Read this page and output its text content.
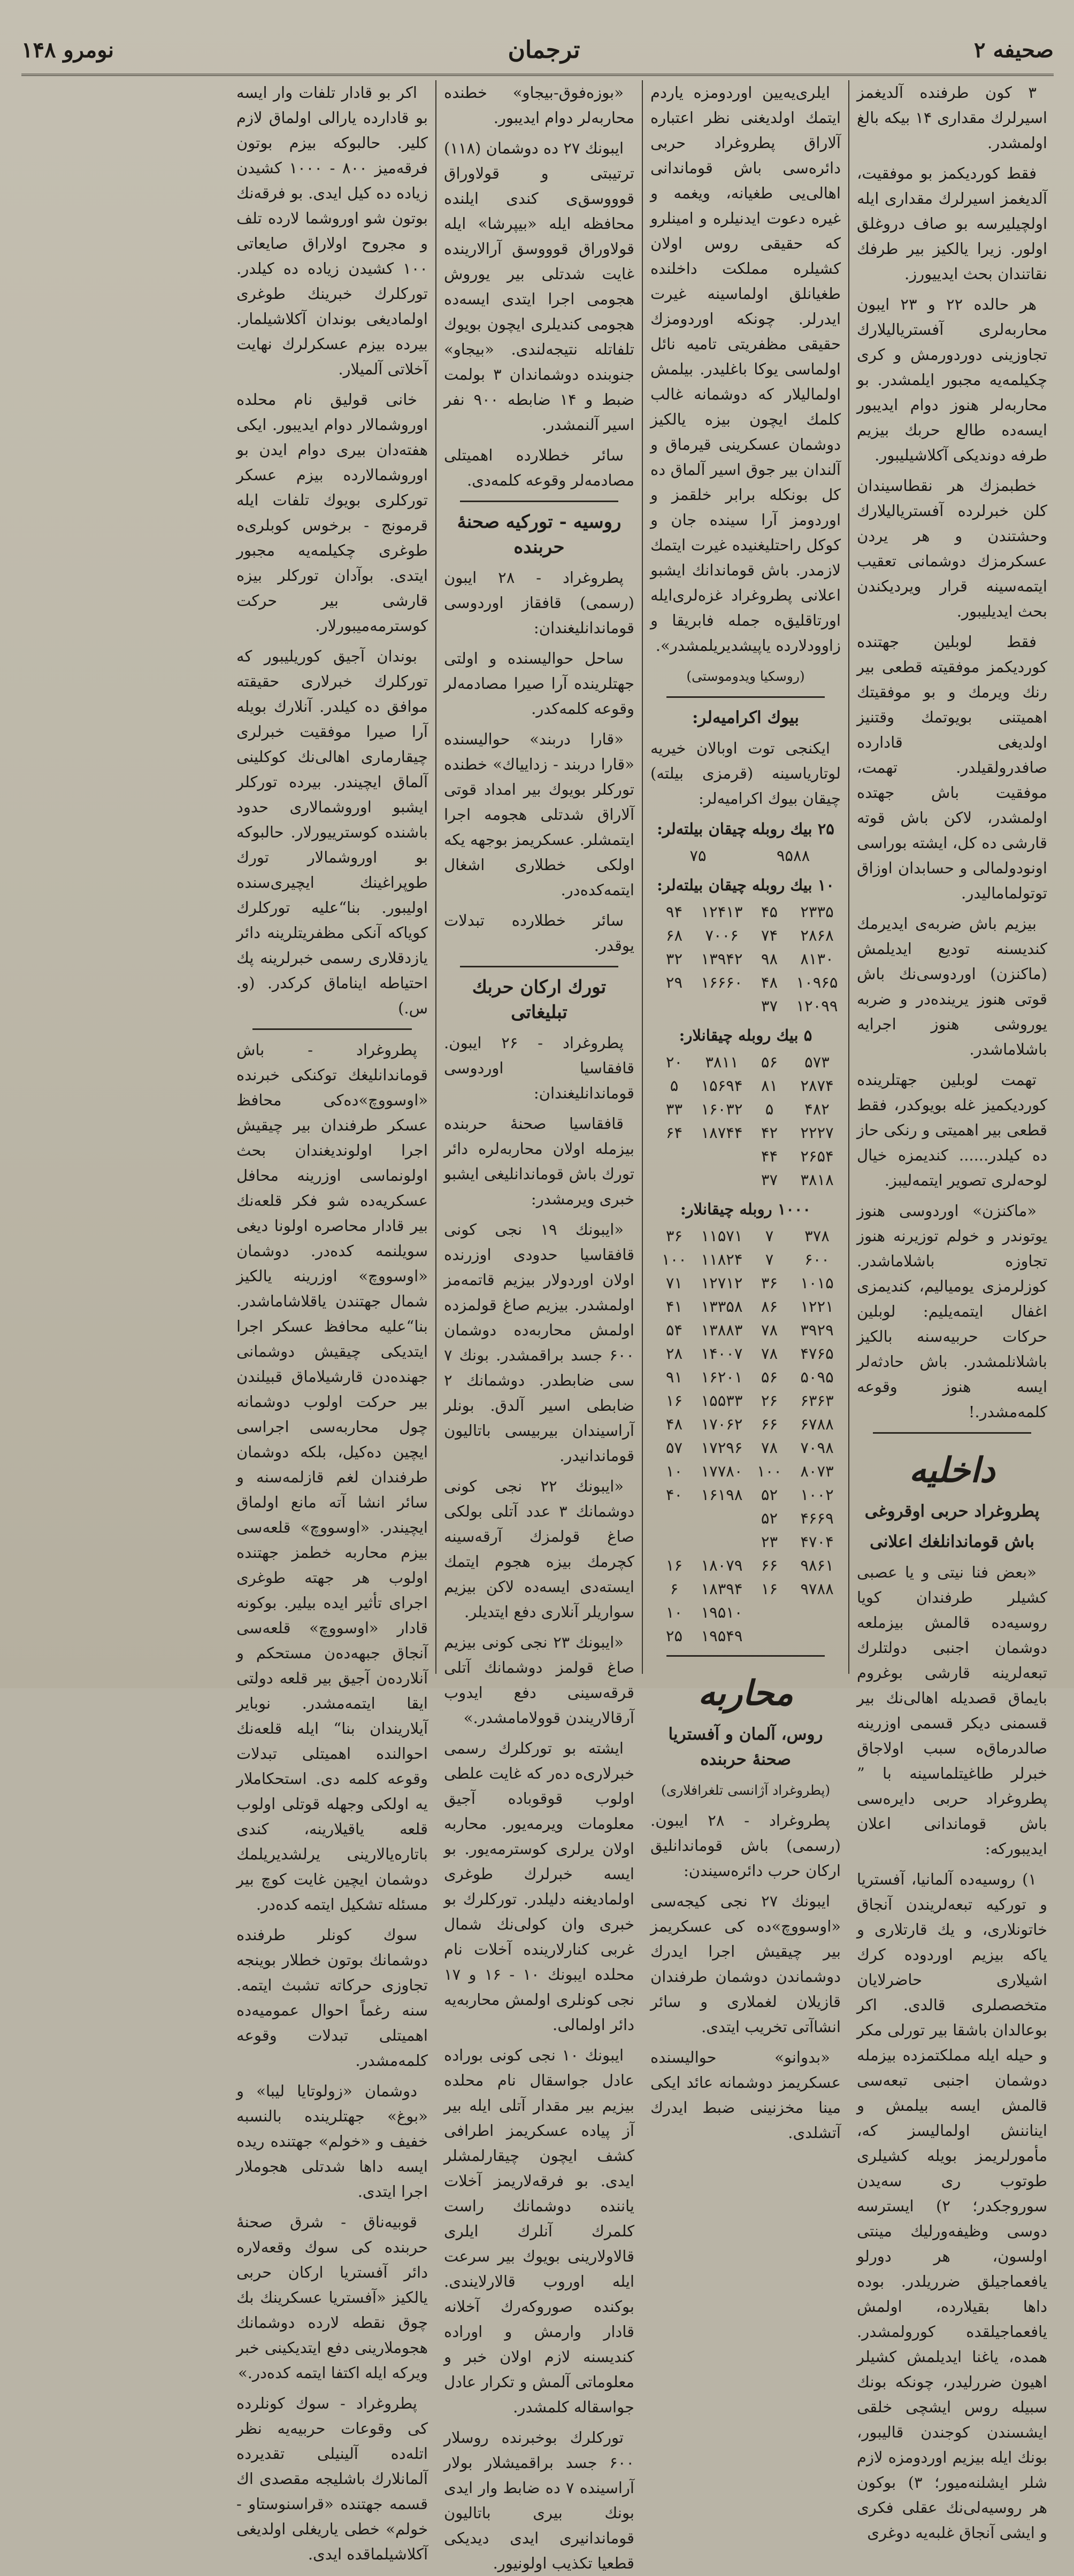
صحیفه ۲
ترجمان
نومرو ۱۴۸

۳ کون طرفنده آلدیغمز اسیرلرك مقداری ۱۴ بیکه بالغ اولمشدر.

فقط کوردیکمز بو موفقیت، آلدیغمز اسیرلرك مقداری ایله اولچیلیرسه بو صاف دروغلق اولور. زیرا یالکیز بیر طرفك نقاتندان بحث ایدییورز.

هر حالده ۲۲ و ۲۳ ایبون محاربه‌لری آفستریالیلارك تجاوزینی دوردورمش و کری چکیلمه‌یه مجبور ایلمشدر. بو محاربه‌لر هنوز دوام ایدیبور ایسه‌ده طالع حربك بیزیم طرفه دوندیکی آکلاشیلیبور.

خطبمزك هر نقطاسیندان کلن خبرلرده آفستریالیلارك وحشتندن و هر یردن عسکرمزك دوشمانی تعقیب ایتمه‌سینه قرار ویردیکندن بحث ایدیلیبور.

فقط لوبلین جهتنده کوردیکمز موفقیته قطعی بیر رنك ویرمك و بو موفقیتك اهمیتنی بویوتمك وقتنیز اولدیغی قادارده صافدرولقیلدر. تهمت، موفقیت باش جهتده اولمشدر، لاکن باش قوته قارشی ده کل، ایشته بوراسی اونودولمالی و حسابدان اوزاق توتولمامالیدر.

بیزیم باش ضربه‌ی ایدیرمك کندیسنه تودیع ایدیلمش (ماکنزن) اوردوسی‌نك باش قوتی هنوز یرینده‌در و ضربه یوروشی هنوز اجرایه باشلاماشدر.

تهمت لوبلین جهتلرینده کوردیکمیز غله بویوکدر، فقط قطعی بیر اهمیتی و رنکی حاز ده کیلدر...... کندیمزه خیال لوحه‌لری تصویر ایتمه‌لیبز.

«ماکنزن» اوردوسی هنوز یوتوندر و خولم توزیرنه هنوز تجاوزه باشلاماشدر. کوزلرمزی یومیالیم، کندیمزی اغفال ایتمه‌یلیم: لوبلین حرکات حربیه‌سنه بالکیز باشلانلمشدر. باش حادثه‌لر ایسه هنوز وقوعه کلمه‌مشدر.!

داخلیه

پطروغراد حربی اوقروغی

باش قوماندانلغك اعلانی

«بعض فنا نیتی و یا عصبی کشیلر طرفندان کویا روسیه‌ده قالمش بیزملعه دوشمان اجنبی دولتلرك تبعه‌لرینه قارشی بوغروم بایماق قصدیله اهالی‌نك بیر قسمنی دیکر قسمی اوزرینه صالدرماق‌ه سبب اولاجاق خبرلر طاغیتلماسینه با ” پطروغراد حربی دایره‌سی باش قوماندانی اعلان ایدیبورکه:

۱) روسیه‌ده آلمانیا، آفستریا و تورکیه تبعه‌لریندن آنجاق خاتونلاری، و یك قارتلاری و یاکه بیزیم اوردوده کرك اشیلاری حاضرلایان متخصصلری قالدی. اکر بوعالدان باشقا بیر تورلی مکر و حیله ایله مملکتمزده بیزمله دوشمان اجنبی تبعه‌سی قالمش ایسه بیلمش و ایناننش اولمالیسز که، مأمورلریمز بویله کشیلری طوتوب ری سه‌یدن سوروجکدر؛ ۲) ایسترسه دوسی وظیفه‌ورلیك مینتی اولسون، هر دورلو یافعماجیلق ضرریلدر. بوده داها بقیلارده، اولمش یافعماجیلقده کورولمشدر. همده، یاغنا ایدیلمش کشیلر اهیون ضررلیدر، چونکه بونك سبیله روس ایشچی خلقی ایشسندن کوجندن قالیبور، بونك ایله بیزیم اوردومزه لازم شلر ایشلنه‌میور؛ ۳) بوکون هر روسیه‌لی‌نك عقلی فکری و ایشی آنجاق غلبه‌یه دوغری

ایلری‌یه‌یین اوردومزه یاردم ایتمك اولدیغنی نظر اعتباره آلاراق پطروغراد حربی دائره‌سی باش قوماندانی اهالی‌یی طغیانه، ویغمه و غیره دعوت ایدنیلره و امینلرو که حقیقی روس اولان کشیلره مملکت داخلنده طغیانلق اولماسینه غیرت ایدرلر. چونکه اوردومزك حقیقی مظفریتی تامیه نائل اولماسی یوکا باغلیدر. بیلمش اولمالیلار که دوشمانه غالب کلمك ایچون بیزه یالکیز دوشمان عسکرینی قیرماق و آلندان بیر جوق اسیر آلماق ده کل بونکله برابر خلقمز و اوردومز آرا سینده جان و کوکل راحتلیغنیده غیرت ایتمك لازمدر. باش قوماندانك ایشبو اعلانی پطروغراد غزه‌لری‌ایله اورتاقلیق‌ه جمله فابریقا و زاوودلارده یاپیشدیریلمشدر».

(روسکیا ویدوموستی)

بیوك اکرامیه‌لر:

ایکنجی توت اوبالان خیریه لوتاریاسینه (قرمزی بیلته) چیقان بیوك اکرامیه‌لر:

۲۵ بیك روبله چیقان بیلته‌لر:
۹۵۸۸
۷۵
۱۰ بیك روبله چیقان بیلته‌لر:
۲۳۳۵
۴۵
۱۲۴۱۳
۹۴
۲۸۶۸
۷۴
۷۰۰۶
۶۸
۸۱۳۰
۹۸
۱۳۹۴۲
۳۲
۱۰۹۶۵
۴۸
۱۶۶۶۰
۲۹
۱۲۰۹۹
۳۷
۵ بیك روبله چیقانلار:
۵۷۳
۵۶
۳۸۱۱
۲۰
۲۸۷۴
۸۱
۱۵۶۹۴
۵
۴۸۲
۵
۱۶۰۳۲
۳۳
۲۲۲۷
۴۲
۱۸۷۴۴
۶۴
۲۶۵۴
۴۴
۳۸۱۸
۳۷
۱۰۰۰ روبله چیقانلار:
۳۷۸
۷
۱۱۵۷۱
۳۶
۶۰۰
۷
۱۱۸۲۴
۱۰۰
۱۰۱۵
۳۶
۱۲۷۱۲
۷۱
۱۲۲۱
۸۶
۱۳۳۵۸
۴۱
۳۹۲۹
۷۸
۱۳۸۸۳
۵۴
۴۷۶۵
۷۸
۱۴۰۰۷
۲۸
۵۰۹۵
۵۶
۱۶۲۰۱
۹۱
۶۳۶۳
۲۶
۱۵۵۳۳
۱۶
۶۷۸۸
۶۶
۱۷۰۶۲
۴۸
۷۰۹۸
۷۸
۱۷۲۹۶
۵۷
۸۰۷۳
۱۰۰
۱۷۷۸۰
۱۰
۱۰۰۲
۵۲
۱۶۱۹۸
۴۰
۴۶۶۹
۵۲
۴۷۰۴
۲۳
۹۸۶۱
۶۶
۱۸۰۷۹
۱۶
۹۷۸۸
۱۶
۱۸۳۹۴
۶
۱۹۵۱۰
۱۰
۱۹۵۴۹
۲۵
محاربه

روس، آلمان و آفستریا صحنهٔ حربنده

(پطروغراد آژانسی تلغرافلاری)

پطروغراد - ۲۸ ایبون. (رسمی) باش قوماندانلیق ارکان حرب دائره‌سیندن:

ایبونك ۲۷ نجی کیجه‌سی «اوسووچ»‌ده کی عسکریمز بیر چیقیش اجرا ایدرك دوشماندن دوشمان طرفندان قازیلان لغملاری و سائر انشاآتی تخریب ایتدی.

«بدوانو» حوالیسنده عسکریمز دوشمانه عائد ایکی مینا مخزنینی ضبط ایدرك آتشلدی.

«بوزه‌فوق-بیجاو» خطنده محاربه‌لر دوام ایدیبور.

ایبونك ۲۷ ده دوشمان (۱۱۸) ترتیبتی و قولاوراق قوووسق‌ی کندی ایلنده محافظه ایله «بیپرشا» ایله قولاوراق قوووسق آرالارینده غایت شدتلی بیر یوروش هجومی اجرا ایتدی ایسه‌ده هجومی کندیلری ایچون بویوك تلفاتله نتیجه‌لندی. «بیجاو» جنوبنده دوشماندان ۳ بولمت ضبط و ۱۴ ضابطه ۹۰۰ نفر اسیر آلنمشدر.

سائر خطلارده اهمیتلی مصادمه‌لر وقوعه کلمه‌دی.

روسیه - تورکیه صحنهٔ حربنده

پطروغراد - ۲۸ ایبون (رسمی) قافقاز اوردوسی قوماندانلیغندان:

ساحل حوالیسنده و اولتی جهتلرینده آرا صیرا مصادمه‌لر وقوعه کلمه‌کدر.

«قارا دربند» حوالیسنده «قارا دربند - زداییاك» خطنده تورکلر بویوك بیر امداد قوتی آلاراق شدتلی هجومه اجرا ایتمشلر. عسکریمز بوجهه یکه اولکی خطلاری اشغال ایتمه‌کده‌در.

سائر خطلارده تبدلات یوقدر.

تورك ارکان حربك تبلیغاتی

پطروغراد - ۲۶ ایبون. قافقاسیا اوردوسی قوماندانلیغندان:

قافقاسیا صحنهٔ حربنده بیزمله اولان محاربه‌لره دائر تورك باش قوماندانلیغی ایشبو خبری ویرمشدر:

«ایبونك ۱۹ نجی کونی قافقاسیا حدودی اوزرنده اولان اوردولار بیزیم قاتمه‌مز اولمشدر. بیزیم صاغ قولمزده اولمش محاربه‌ده دوشمان ۶۰۰ جسد براقمشدر. بونك ۷ سی ضابطدر. دوشمانك ۲ ضابطی اسیر آلدق. بونلر آراسیندان بیربیسی باتالیون قوماندانیدر.

«ایبونك ۲۲ نجی کونی دوشمانك ۳ عدد آتلی بولکی صاغ قولمزك آرقه‌سینه کچرمك بیزه هجوم ایتمك ایسته‌دی ایسه‌ده لاکن بیزیم سواریلر آنلاری دفع ایتدیلر.

«ایبونك ۲۳ نجی کونی بیزیم صاغ قولمز دوشمانك آتلی قرقه‌سینی دفع ایدوب آرقالاریندن قوولامامشدر.»

ایشته بو تورکلرك رسمی خبرلاری‌ه ده‌ر که غایت علطی اولوب قوقوباده آجیق معلومات ویرمه‌یور. محاربه اولان یرلری کوسترمه‌یور. بو ایسه خبرلرك طوغری اولمادیغنه دلیلدر. تورکلرك بو خبری وان کولی‌نك شمال غربی کنارلارینده آخلات نام محلده ایبونك ۱۰ - ۱۶ و ۱۷ نجی کونلری اولمش محاربه‌یه دائر اولمالی.

ایبونك ۱۰ نجی کونی بوراده عادل جواسقال نام محلده بیزیم بیر مقدار آتلی ایله بیر آز پیاده عسکریمز اطرافی کشف ایچون چیقارلمشلر ایدی. بو فرقه‌لاریمز آخلات یاننده دوشمانك راست کلمرك آنلرك ایلری قالاولارینی بویوك بیر سرعت ایله اوروب قالارلایندی. بوکنده صوروکه‌رك آخلانه قادار وارمش و اوراده کندیسنه لازم اولان خبر و معلوماتی آلمش و تکرار عادل جواسقاله کلمشدر.

تورکلرك بوخبرنده روسلار ۶۰۰ جسد براقمیشلار بولار آراسینده ۷ ده ضابط وار ایدی بونك بیری باتالیون قوماندانیری ایدی دیدیکی قطعیا تکذیب اولونیور.

اکر بو قادار تلفات وار ایسه بو قادارده یارالی اولماق لازم کلیر. حالبوکه بیزم بوتون فرقه‌میز ۸۰۰ - ۱۰۰۰ کشیدن زیاده ده کیل ایدی. بو فرقه‌نك بوتون شو اوروشما لارده تلف و مجروح اولاراق صایعاتی ۱۰۰ کشیدن زیاده ده کیلدر. تورکلرك خبرینك طوغری اولمادیغی بوندان آکلاشیلمار. بیرده بیزم عسکرلرك نهایت آخلاتی آلمیلار.

خانی قولیق نام محلده اوروشمالار دوام ایدیبور. ایکی هفته‌دان بیری دوام ایدن بو اوروشمالارده بیزم عسکر تورکلری بویوك تلفات ایله قرمونج - برخوس کوبلری‌ه طوغری چکیلمه‌یه مجبور ایتدی. بوآدان تورکلر بیزه قارشی بیر حرکت کوسترمه‌میبورلار.

بوندان آجیق کوریلیبور که تورکلرك خبرلاری حقیقته موافق ده کیلدر. آنلارك بویله آرا صیرا موفقیت خبرلری چیقارماری اهالی‌نك کوکلینی آلماق ایچیندر. بیرده تورکلر ایشبو اوروشمالاری حدود باشنده کوسترییورلار. حالبوکه بو اوروشمالار تورك طوپراغینك ایچیری‌سنده اولیبور. بنا“علیه تورکلرك کویاکه آنکی مظفریتلرینه دائر یازدقلاری رسمی خبرلرینه پك احتیاطه ایناماق کرکدر. (و. س.)

پطروغراد - باش قوماندانلیغك توکنکی خبرنده «اوسووچ»‌ده‌کی محافظ عسکر طرفندان بیر چیقیش اجرا اولوندیغندان بحث اولونماسی اوزرینه محافل عسکریه‌ده شو فکر قلعه‌نك بیر قادار محاصره اولونا دیغی سویلنمه کده‌در. دوشمان «اوسووچ» اوزرینه یالکیز شمال جهتندن یاقلاشاماشدر. بنا“علیه محافظ عسکر اجرا ایتدیکی چیقیش دوشمانی جهنده‌دن قارشیلاماق قبیلندن بیر حرکت اولوب دوشمانه چول محاربه‌سی اجراسی ایچین ده‌کیل، بلکه دوشمان طرفندان لغم قازلمه‌سنه و سائر انشا آته مانع اولماق ایچیندر. «اوسووچ» قلعه‌سی بیزم محاربه خطمز جهتنده اولوب هر جهته طوغری اجرای تأثیر ایده بیلیر. بوکونه قادار «اوسووچ» قلعه‌سی آنجاق جبهه‌ده‌ن مستحکم و آنلارده‌ن آجیق بیر قلعه دولتی ایقا ایتمه‌مشدر. نوبایر آیلاریندان بنا“ ایله قلعه‌نك احوالنده اهمیتلی تبدلات وقوعه کلمه دی. استحکاملار یه اولکی وجهله قوتلی اولوب قلعه یاقیلارینه، کندی باتاره‌یالارینی یرلشدیریلمك دوشمان ایچین غایت کوچ بیر مسئله تشکیل ایتمه کده‌در.

سوك کونلر طرفنده دوشمانك بوتون خطلار بوینجه تجاوزی حرکاته تشبث ایتمه. سنه رغماً احوال عمومیه‌ده اهمیتلی تبدلات وقوعه کلمه‌مشدر.

دوشمان «زولوتایا لیبا» و «بوغ» جهتلرینده بالنسبه خفیف و «خولم» جهتنده ریده ایسه داها شدتلی هجوملار اجرا ایتدی.

قوبیه‌ناق - شرق صحنهٔ حربنده کی سوك وقعه‌لاره دائر آفستریا ارکان حربی یالکیز «آفستریا عسکرینك بك چوق نقطه لارده دوشمانك هجوملارینی دفع ایتدیکینی خبر ویرکه ایله اکتفا ایتمه کده‌در.»

پطروغراد - سوك کونلرده کی وقوعات حربیه‌یه نظر اتله‌ده آلینیلی تقدیرده آلمانلارك باشلیجه مقصدی اك قسمه جهتنده «قراسنوستاو - خولم» خطی یاریغلی اولدیغی آکلاشیلماقده ایدی.
